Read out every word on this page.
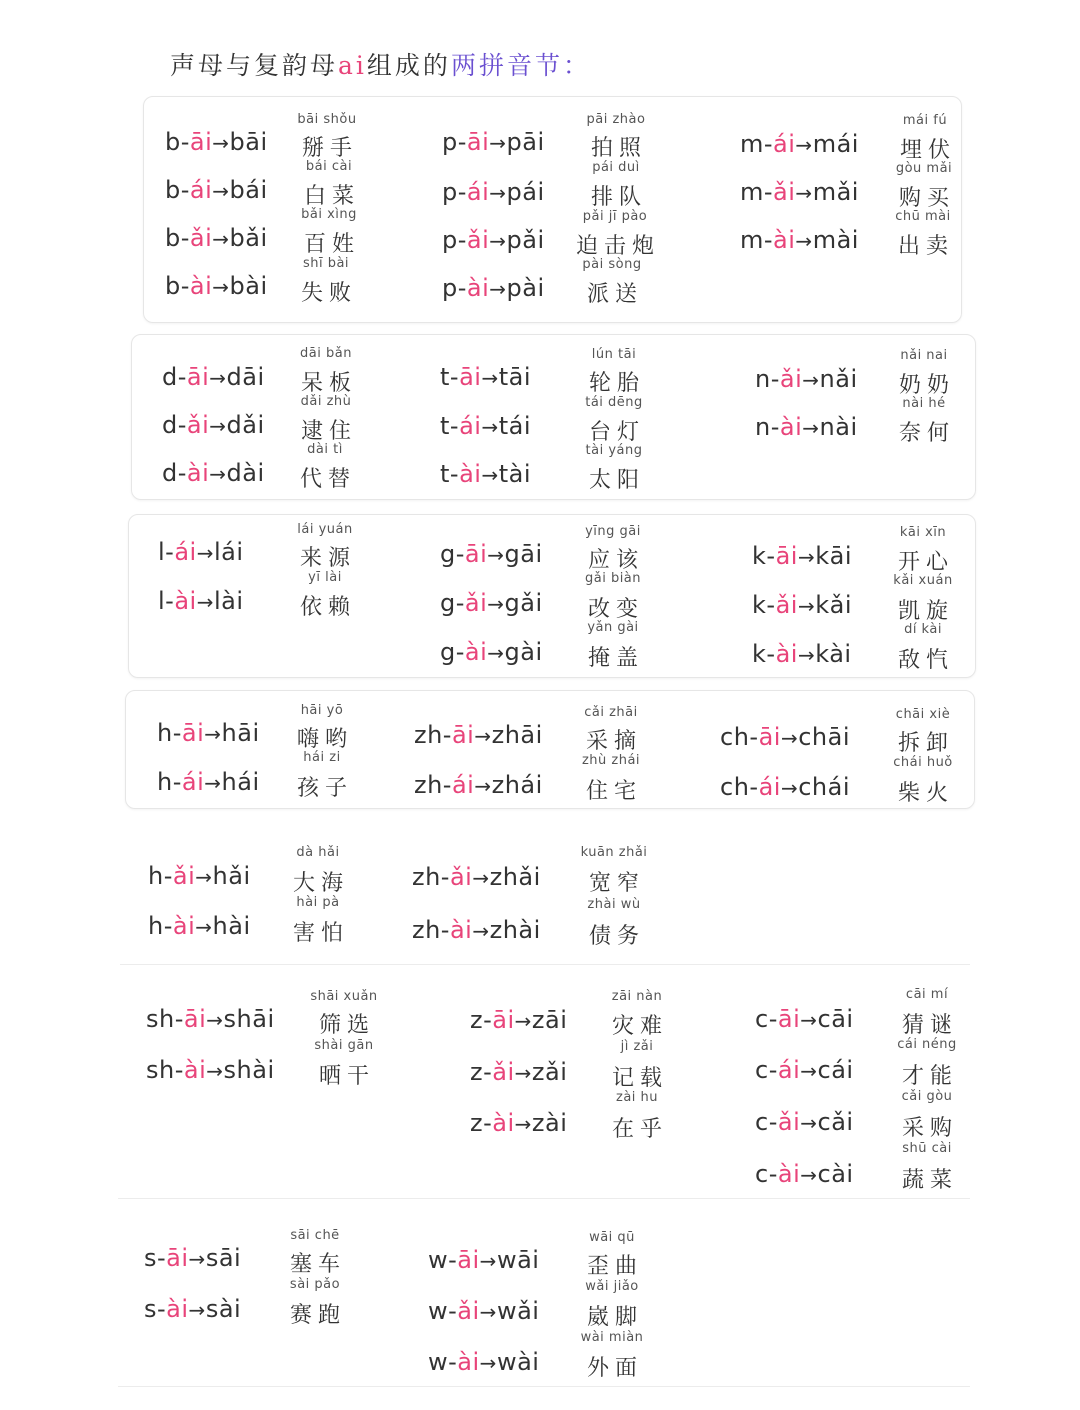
声母与复韵母ai组成的两拼音节：
b-āi→bāi
bāi shǒu
掰手
b-ái→bái
bái cài
白菜
b-ǎi→bǎi
bǎi xìng
百姓
b-ài→bài
shī bài
失败
p-āi→pāi
pāi zhào
拍照
p-ái→pái
pái duì
排队
p-ǎi→pǎi
pǎi jī pào
迫击炮
p-ài→pài
pài sòng
派送
m-ái→mái
mái fú
埋伏
m-ǎi→mǎi
gòu mǎi
购买
m-ài→mài
chū mài
出卖
d-āi→dāi
dāi bǎn
呆板
d-ǎi→dǎi
dǎi zhù
逮住
d-ài→dài
dài tì
代替
t-āi→tāi
lún tāi
轮胎
t-ái→tái
tái dēng
台灯
t-ài→tài
tài yáng
太阳
n-ǎi→nǎi
nǎi nai
奶奶
n-ài→nài
nài hé
奈何
l-ái→lái
lái yuán
来源
l-ài→lài
yī lài
依赖
g-āi→gāi
yīng gāi
应该
g-ǎi→gǎi
gǎi biàn
改变
g-ài→gài
yǎn gài
掩盖
k-āi→kāi
kāi xīn
开心
k-ǎi→kǎi
kǎi xuán
凯旋
k-ài→kài
dí kài
敌忾
h-āi→hāi
hāi yō
嗨哟
h-ái→hái
hái zi
孩子
zh-āi→zhāi
cǎi zhāi
采摘
zh-ái→zhái
zhù zhái
住宅
ch-āi→chāi
chāi xiè
拆卸
ch-ái→chái
chái huǒ
柴火
h-ǎi→hǎi
dà hǎi
大海
h-ài→hài
hài pà
害怕
zh-ǎi→zhǎi
kuān zhǎi
宽窄
zh-ài→zhài
zhài wù
债务
sh-āi→shāi
shāi xuǎn
筛选
sh-ài→shài
shài gān
晒干
z-āi→zāi
zāi nàn
灾难
z-ǎi→zǎi
jì zǎi
记载
z-ài→zài
zài hu
在乎
c-āi→cāi
cāi mí
猜谜
c-ái→cái
cái néng
才能
c-ǎi→cǎi
cǎi gòu
采购
c-ài→cài
shū cài
蔬菜
s-āi→sāi
sāi chē
塞车
s-ài→sài
sài pǎo
赛跑
w-āi→wāi
wāi qū
歪曲
w-ǎi→wǎi
wǎi jiǎo
崴脚
w-ài→wài
wài miàn
外面
